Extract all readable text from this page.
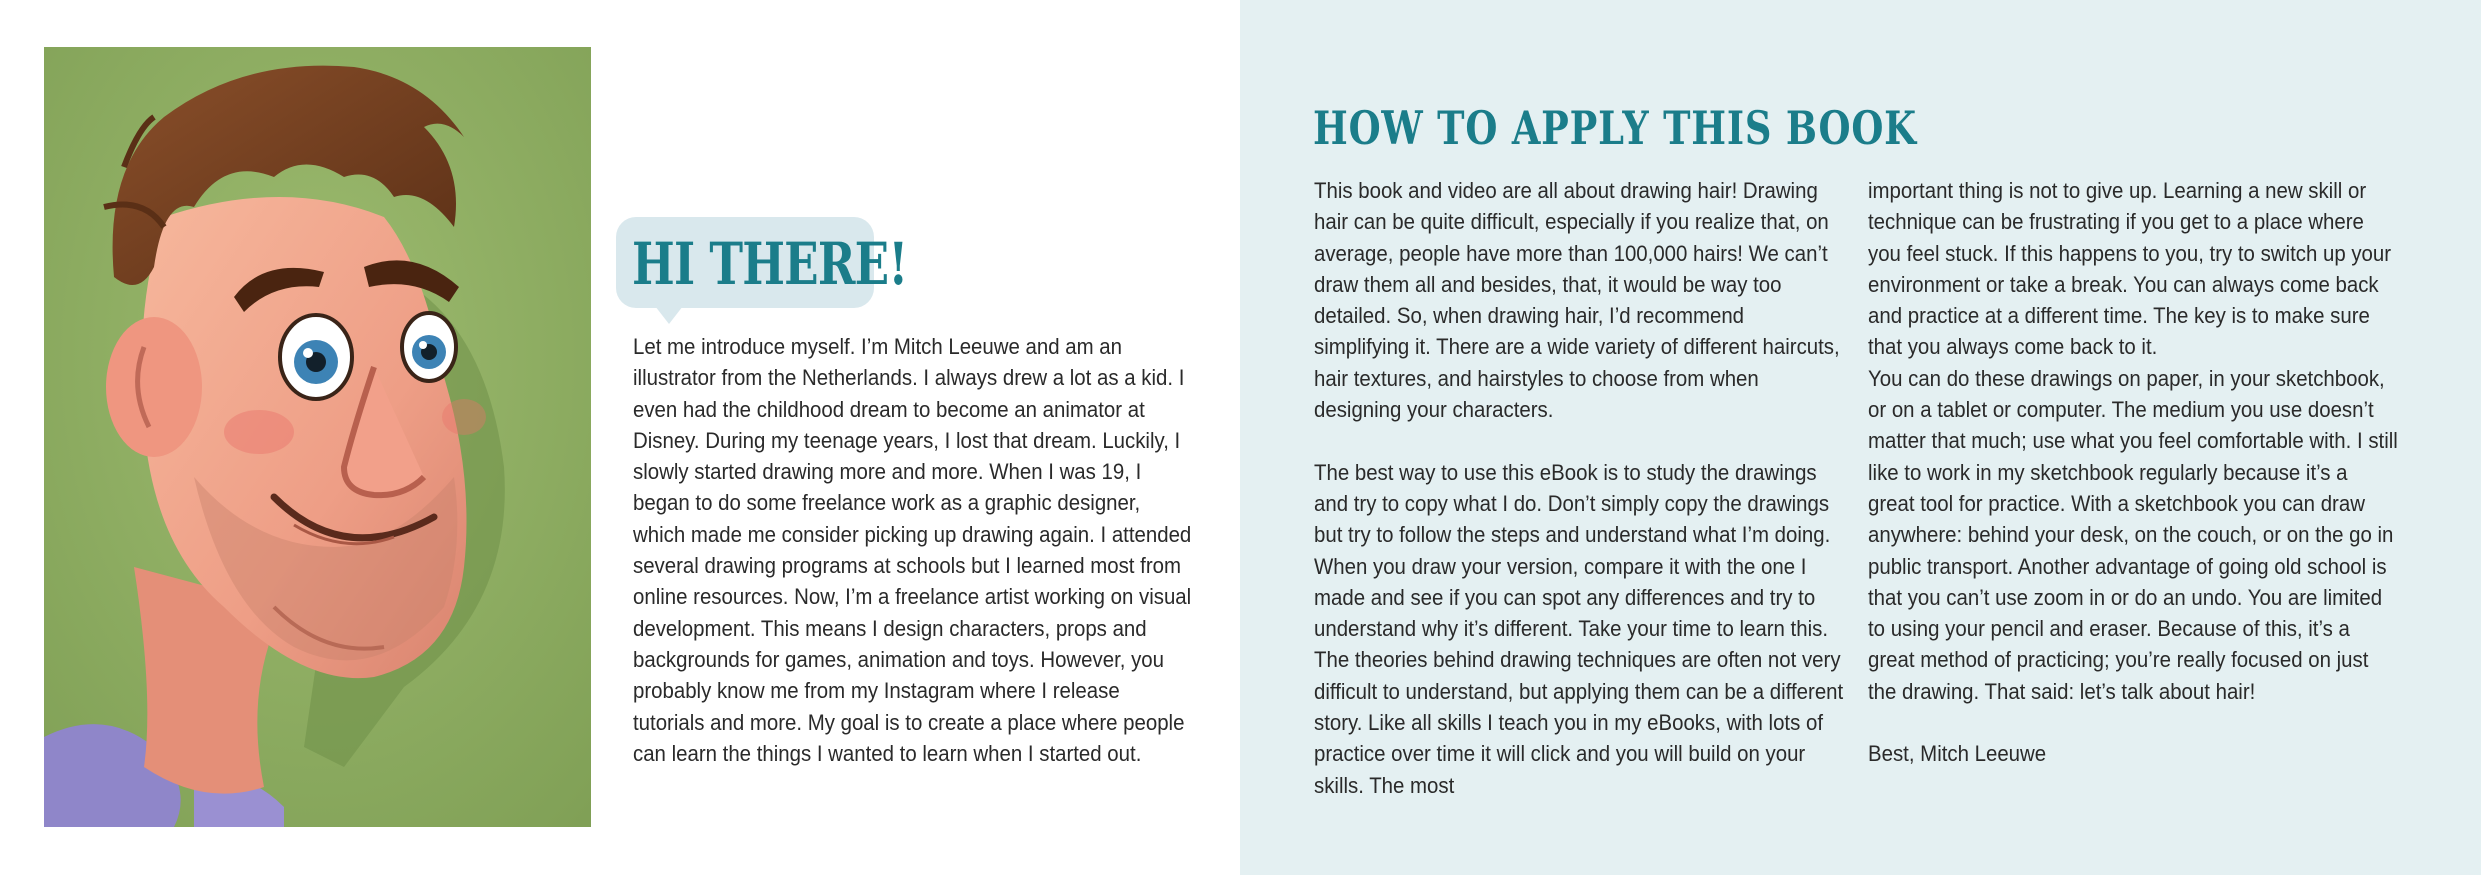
HI THERE!

Let me introduce myself. I’m Mitch Leeuwe and am an illustrator from the Netherlands. I always drew a lot as a kid. I even had the childhood dream to become an animator at Disney. During my teenage years, I lost that dream. Luckily, I slowly started drawing more and more. When I was 19, I began to do some freelance work as a graphic designer, which made me consider picking up drawing again. I attended several drawing programs at schools but I learned most from online resources. Now, I’m a freelance artist working on visual development. This means I design characters, props and backgrounds for games, animation and toys. However, you probably know me from my Instagram where I release tutorials and more. My goal is to create a place where people can learn the things I wanted to learn when I started out.

HOW TO APPLY THIS BOOK

This book and video are all about drawing hair! Drawing hair can be quite difficult, especially if you realize that, on average, people have more than 100,000 hairs! We can’t draw them all and besides, that, it would be way too detailed. So, when drawing hair, I’d recommend simplifying it. There are a wide variety of different haircuts, hair textures, and hairstyles to choose from when designing your characters.

The best way to use this eBook is to study the drawings and try to copy what I do. Don’t simply copy the drawings but try to follow the steps and understand what I’m doing. When you draw your version, compare it with the one I made and see if you can spot any differences and try to understand why it’s different. Take your time to learn this. The theories behind drawing techniques are often not very difficult to understand, but applying them can be a different story. Like all skills I teach you in my eBooks, with lots of practice over time it will click and you will build on your skills. The most

important thing is not to give up. Learning a new skill or technique can be frustrating if you get to a place where you feel stuck. If this happens to you, try to switch up your environment or take a break. You can always come back and practice at a different time. The key is to make sure that you always come back to it.

You can do these drawings on paper, in your sketchbook, or on a tablet or computer. The medium you use doesn’t matter that much; use what you feel comfortable with. I still like to work in my sketchbook regularly because it’s a great tool for practice. With a sketchbook you can draw anywhere: behind your desk, on the couch, or on the go in public transport. Another advantage of going old school is that you can’t use zoom in or do an undo. You are limited to using your pencil and eraser. Because of this, it’s a great method of practicing; you’re really focused on just the drawing. That said: let’s talk about hair!

Best, Mitch Leeuwe
